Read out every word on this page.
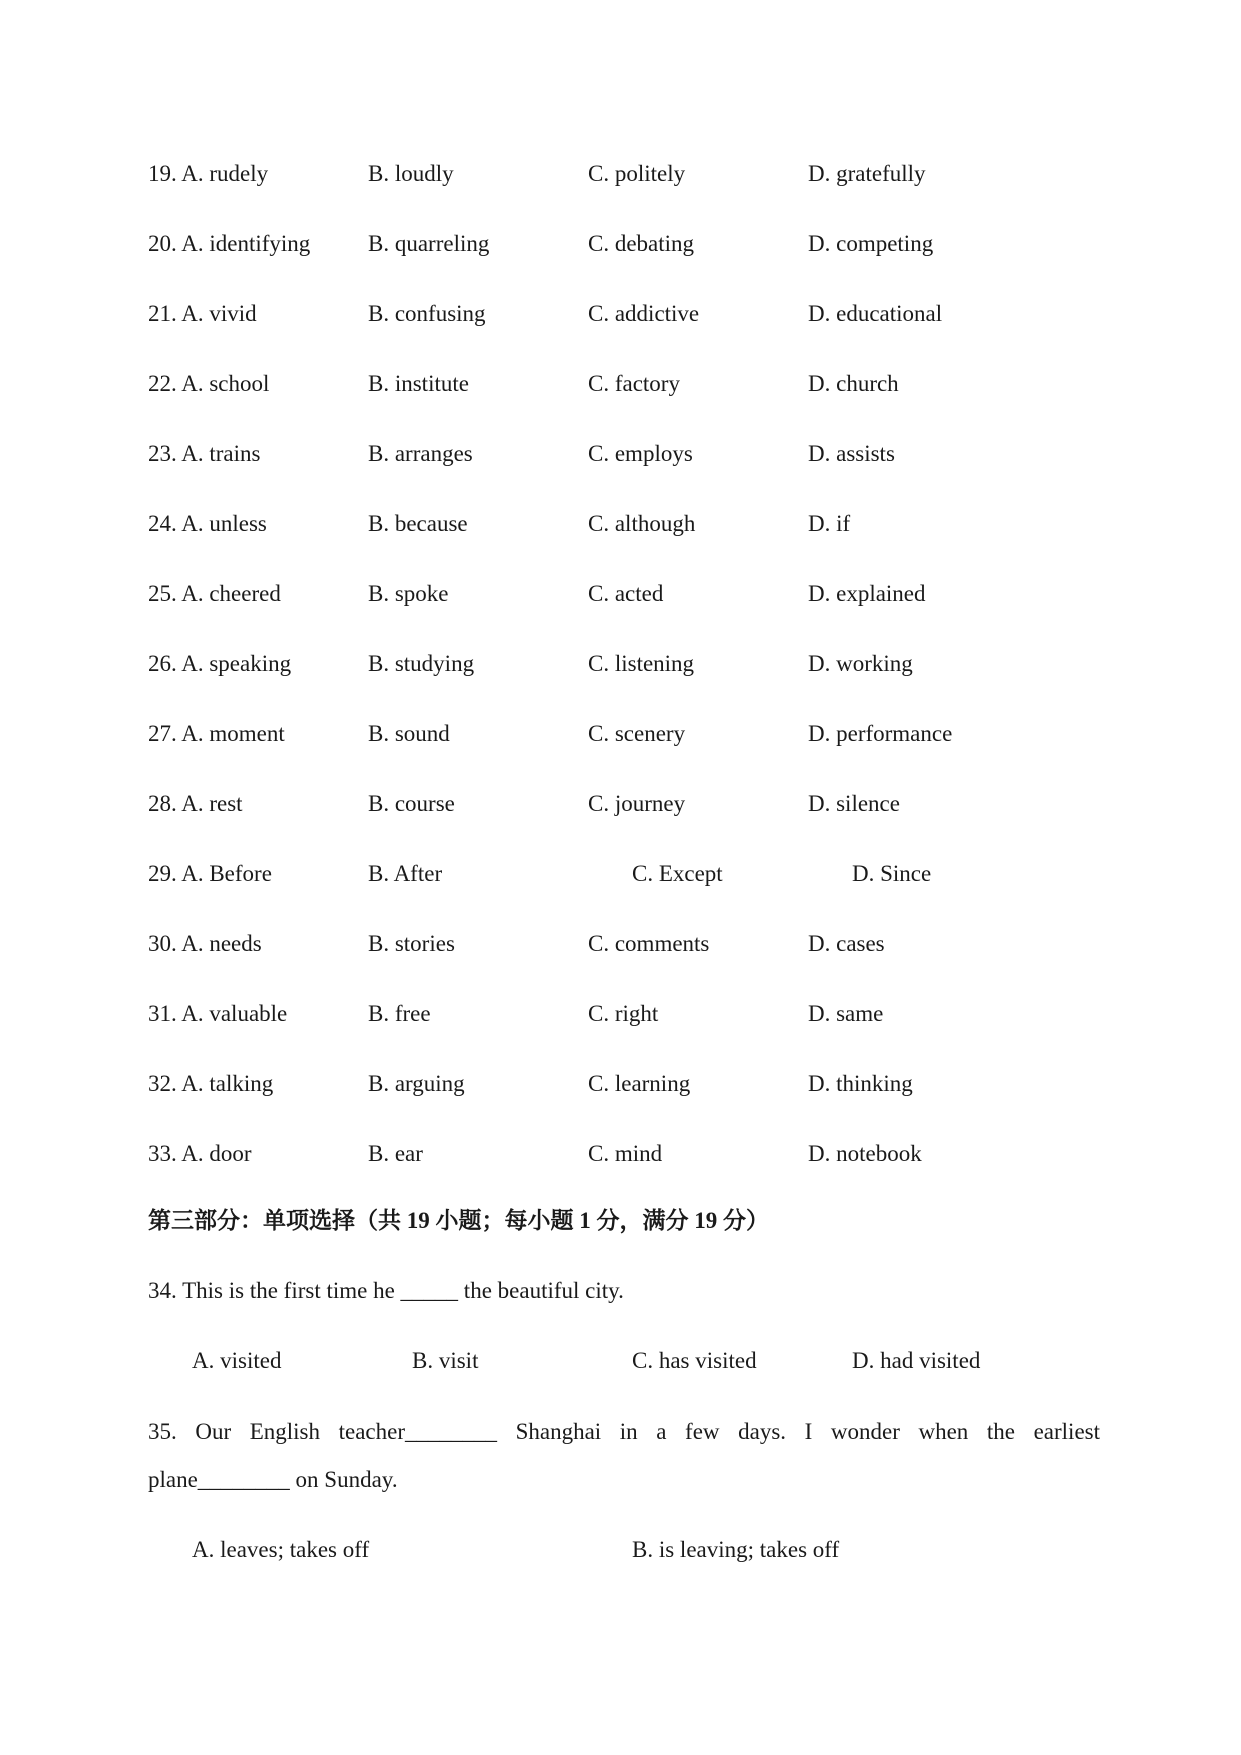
19. A. rudely	B. loudly	C. politely	D. gratefully
20. A. identifying	B. quarreling	C. debating	D. competing
21. A. vivid	B. confusing	C. addictive	D. educational
22. A. school	B. institute	C. factory	D. church
23. A. trains	B. arranges	C. employs	D. assists
24. A. unless	B. because	C. although	D. if
25. A. cheered	B. spoke	C. acted	D. explained
26. A. speaking	B. studying	C. listening	D. working
27. A. moment	B. sound	C. scenery	D. performance
28. A. rest	B. course	C. journey	D. silence
29. A. Before	B. After	C. Except	D. Since
30. A. needs	B. stories	C. comments	D. cases
31. A. valuable	B. free	C. right	D. same
32. A. talking	B. arguing	C. learning	D. thinking
33. A. door	B. ear	C. mind	D. notebook
第三部分：单项选择（共 19 小题；每小题 1 分，满分 19 分）
34. This is the first time he _____ the beautiful city.
A. visited	B. visit	C. has visited	D. had visited
35. Our English teacher________ Shanghai in a few days. I wonder when the earliest
plane________ on Sunday.
A. leaves; takes off	B. is leaving; takes off
